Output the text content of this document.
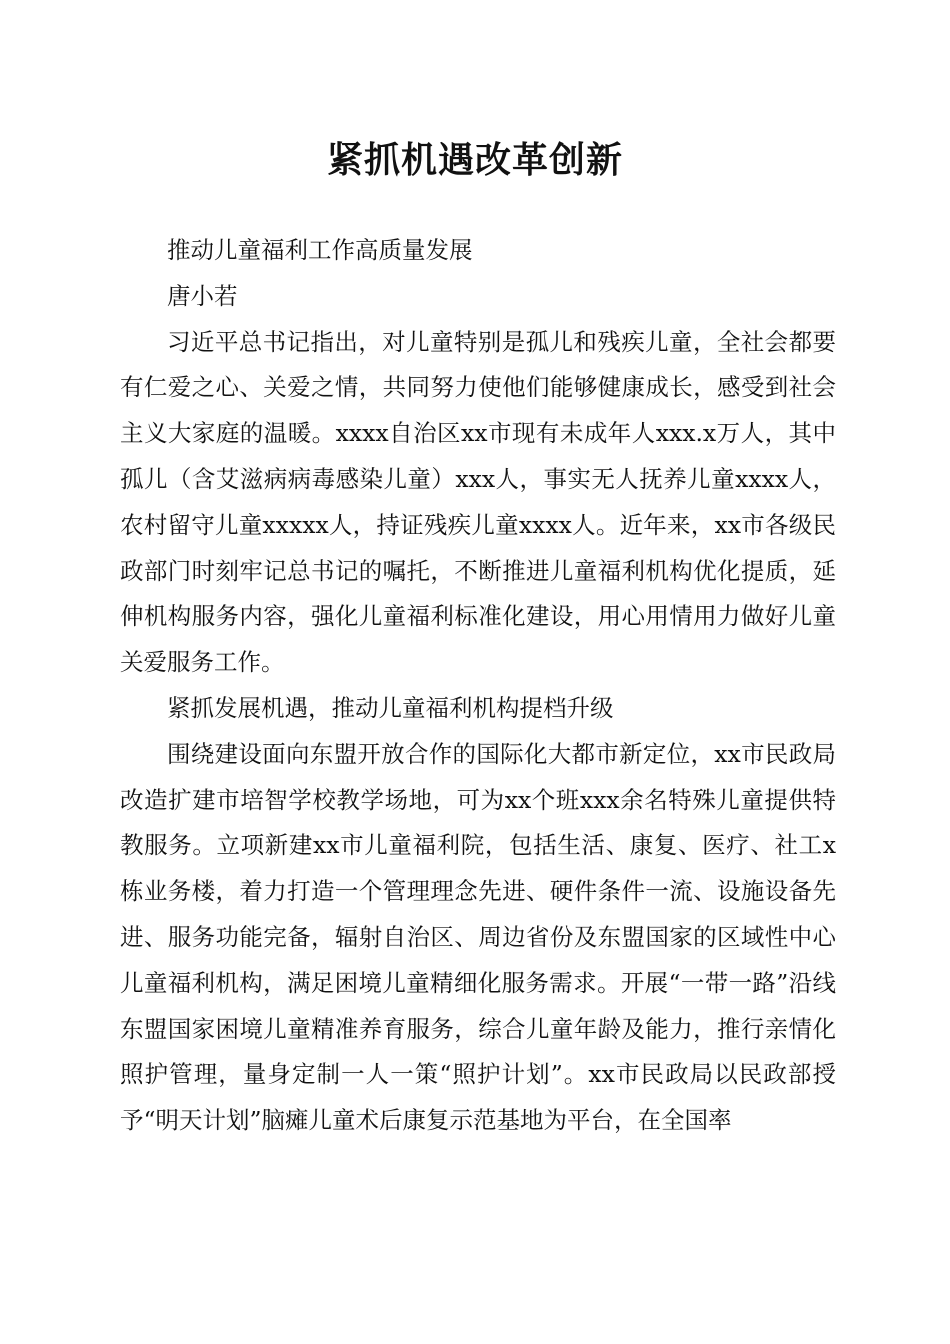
紧抓机遇改革创新

推动儿童福利工作高质量发展

唐小若

习近平总书记指出，对儿童特别是孤儿和残疾儿童，全社会都要有仁爱之心、关爱之情，共同努力使他们能够健康成长，感受到社会主义大家庭的温暖。xxxx自治区xx市现有未成年人xxx.x万人，其中孤儿（含艾滋病病毒感染儿童）xxx人，事实无人抚养儿童xxxx人，农村留守儿童xxxxx人，持证残疾儿童xxxx人。近年来，xx市各级民政部门时刻牢记总书记的嘱托，不断推进儿童福利机构优化提质，延伸机构服务内容，强化儿童福利标准化建设，用心用情用力做好儿童关爱服务工作。

紧抓发展机遇，推动儿童福利机构提档升级

围绕建设面向东盟开放合作的国际化大都市新定位，xx市民政局改造扩建市培智学校教学场地，可为xx个班xxx余名特殊儿童提供特教服务。立项新建xx市儿童福利院，包括生活、康复、医疗、社工x栋业务楼，着力打造一个管理理念先进、硬件条件一流、设施设备先进、服务功能完备，辐射自治区、周边省份及东盟国家的区域性中心儿童福利机构，满足困境儿童精细化服务需求。开展“一带一路”沿线东盟国家困境儿童精准养育服务，综合儿童年龄及能力，推行亲情化照护管理，量身定制一人一策“照护计划”。xx市民政局以民政部授予“明天计划”脑瘫儿童术后康复示范基地为平台，在全国率
